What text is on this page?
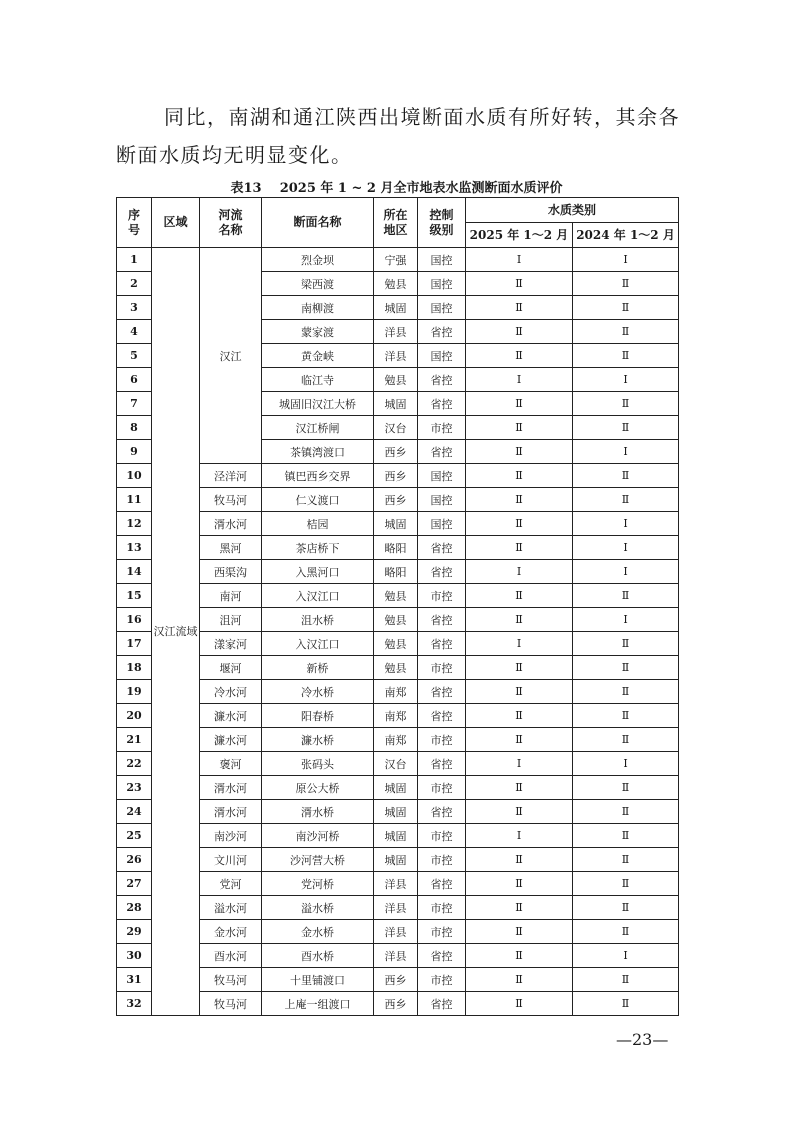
同比，南湖和通江陕西出境断面水质有所好转，其余各
断面水质均无明显变化。
表13    2025 年 1 ~ 2 月全市地表水监测断面水质评价
序号	区域	河流名称	断面名称	所在地区	控制级别	水质类别	
						2025 年 1～2 月	2024 年 1～2 月
1	汉江流域	汉江	烈金坝	宁强	国控	Ⅰ	Ⅰ
2			梁西渡	勉县	国控	Ⅱ	Ⅱ
3			南柳渡	城固	国控	Ⅱ	Ⅱ
4			蒙家渡	洋县	省控	Ⅱ	Ⅱ
5			黄金峡	洋县	国控	Ⅱ	Ⅱ
6			临江寺	勉县	省控	Ⅰ	Ⅰ
7			城固旧汉江大桥	城固	省控	Ⅱ	Ⅱ
8			汉江桥闸	汉台	市控	Ⅱ	Ⅱ
9			茶镇湾渡口	西乡	省控	Ⅱ	Ⅰ
10		泾洋河	镇巴西乡交界	西乡	国控	Ⅱ	Ⅱ
11		牧马河	仁义渡口	西乡	国控	Ⅱ	Ⅱ
12		湑水河	桔园	城固	国控	Ⅱ	Ⅰ
13		黑河	茶店桥下	略阳	省控	Ⅱ	Ⅰ
14		西渠沟	入黑河口	略阳	省控	Ⅰ	Ⅰ
15		南河	入汉江口	勉县	市控	Ⅱ	Ⅱ
16		沮河	沮水桥	勉县	省控	Ⅱ	Ⅰ
17		漾家河	入汉江口	勉县	省控	Ⅰ	Ⅱ
18		堰河	新桥	勉县	市控	Ⅱ	Ⅱ
19		冷水河	冷水桥	南郑	省控	Ⅱ	Ⅱ
20		濂水河	阳春桥	南郑	省控	Ⅱ	Ⅱ
21		濂水河	濂水桥	南郑	市控	Ⅱ	Ⅱ
22		褒河	张码头	汉台	省控	Ⅰ	Ⅰ
23		湑水河	原公大桥	城固	市控	Ⅱ	Ⅱ
24		湑水河	湑水桥	城固	省控	Ⅱ	Ⅱ
25		南沙河	南沙河桥	城固	市控	Ⅰ	Ⅱ
26		文川河	沙河营大桥	城固	市控	Ⅱ	Ⅱ
27		党河	党河桥	洋县	省控	Ⅱ	Ⅱ
28		溢水河	溢水桥	洋县	市控	Ⅱ	Ⅱ
29		金水河	金水桥	洋县	市控	Ⅱ	Ⅱ
30		酉水河	酉水桥	洋县	省控	Ⅱ	Ⅰ
31		牧马河	十里铺渡口	西乡	市控	Ⅱ	Ⅱ
32		牧马河	上庵一组渡口	西乡	省控	Ⅱ	Ⅱ
—23—
